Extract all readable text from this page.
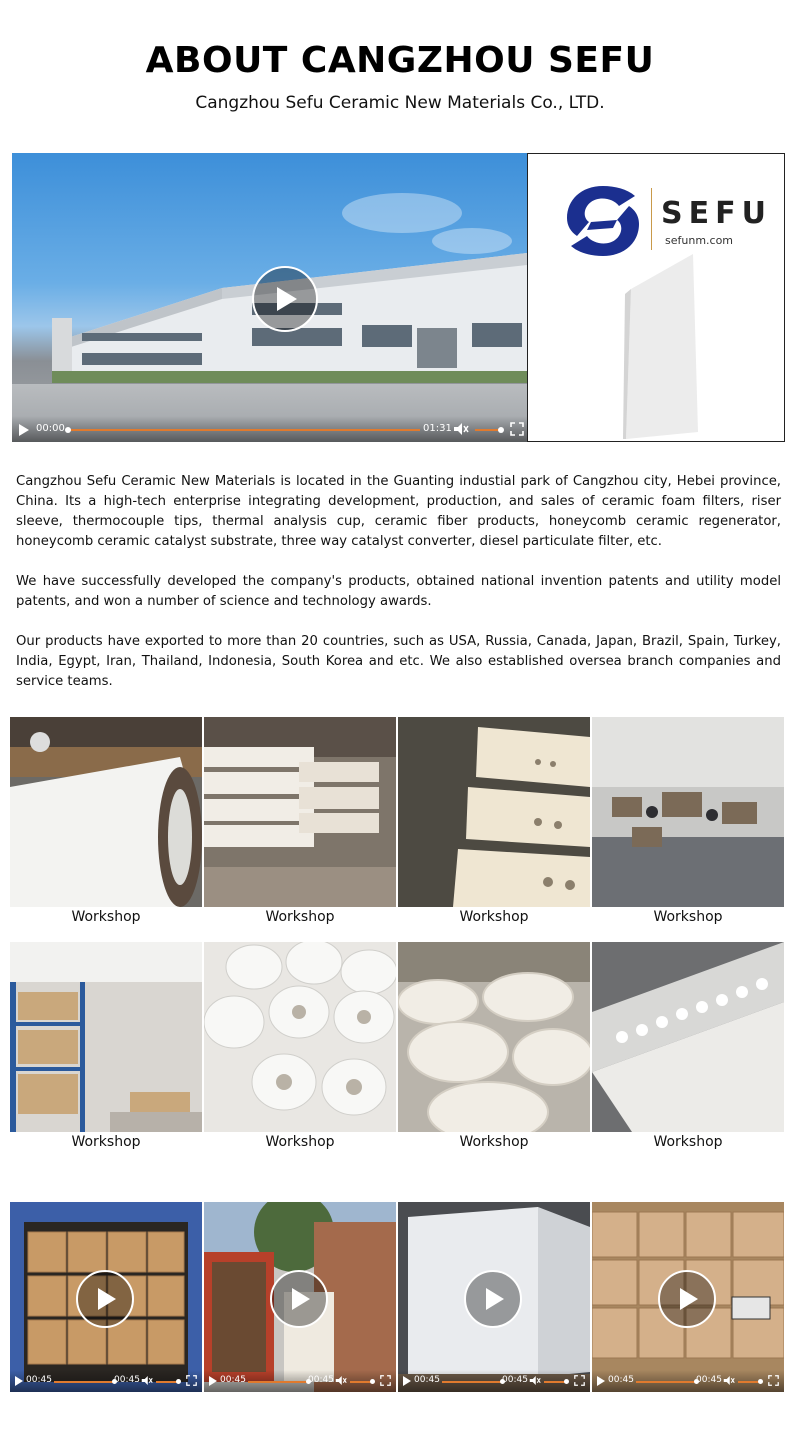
ABOUT CANGZHOU SEFU
Cangzhou Sefu Ceramic New Materials Co., LTD.
00:00	01:31
SEFU
sefunm.com

Cangzhou Sefu Ceramic New Materials is located in the Guanting industial park of Cangzhou city, Hebei province, China. Its a high-tech enterprise integrating development, production, and sales of ceramic foam filters, riser sleeve, thermocouple tips, thermal analysis cup, ceramic fiber products, honeycomb ceramic regenerator, honeycomb ceramic catalyst substrate, three way catalyst converter, diesel particulate filter, etc.

We have successfully developed the company's products, obtained national invention patents and utility model patents, and won a number of science and technology awards.

Our products have exported to more than 20 countries, such as USA, Russia, Canada, Japan, Brazil, Spain, Turkey, India, Egypt, Iran, Thailand, Indonesia, South Korea and etc. We also established oversea branch companies and service teams.

Workshop	Workshop	Workshop	Workshop
Workshop	Workshop	Workshop	Workshop
00:45	00:45	00:45	00:45	00:45	00:45	00:45	00:45
